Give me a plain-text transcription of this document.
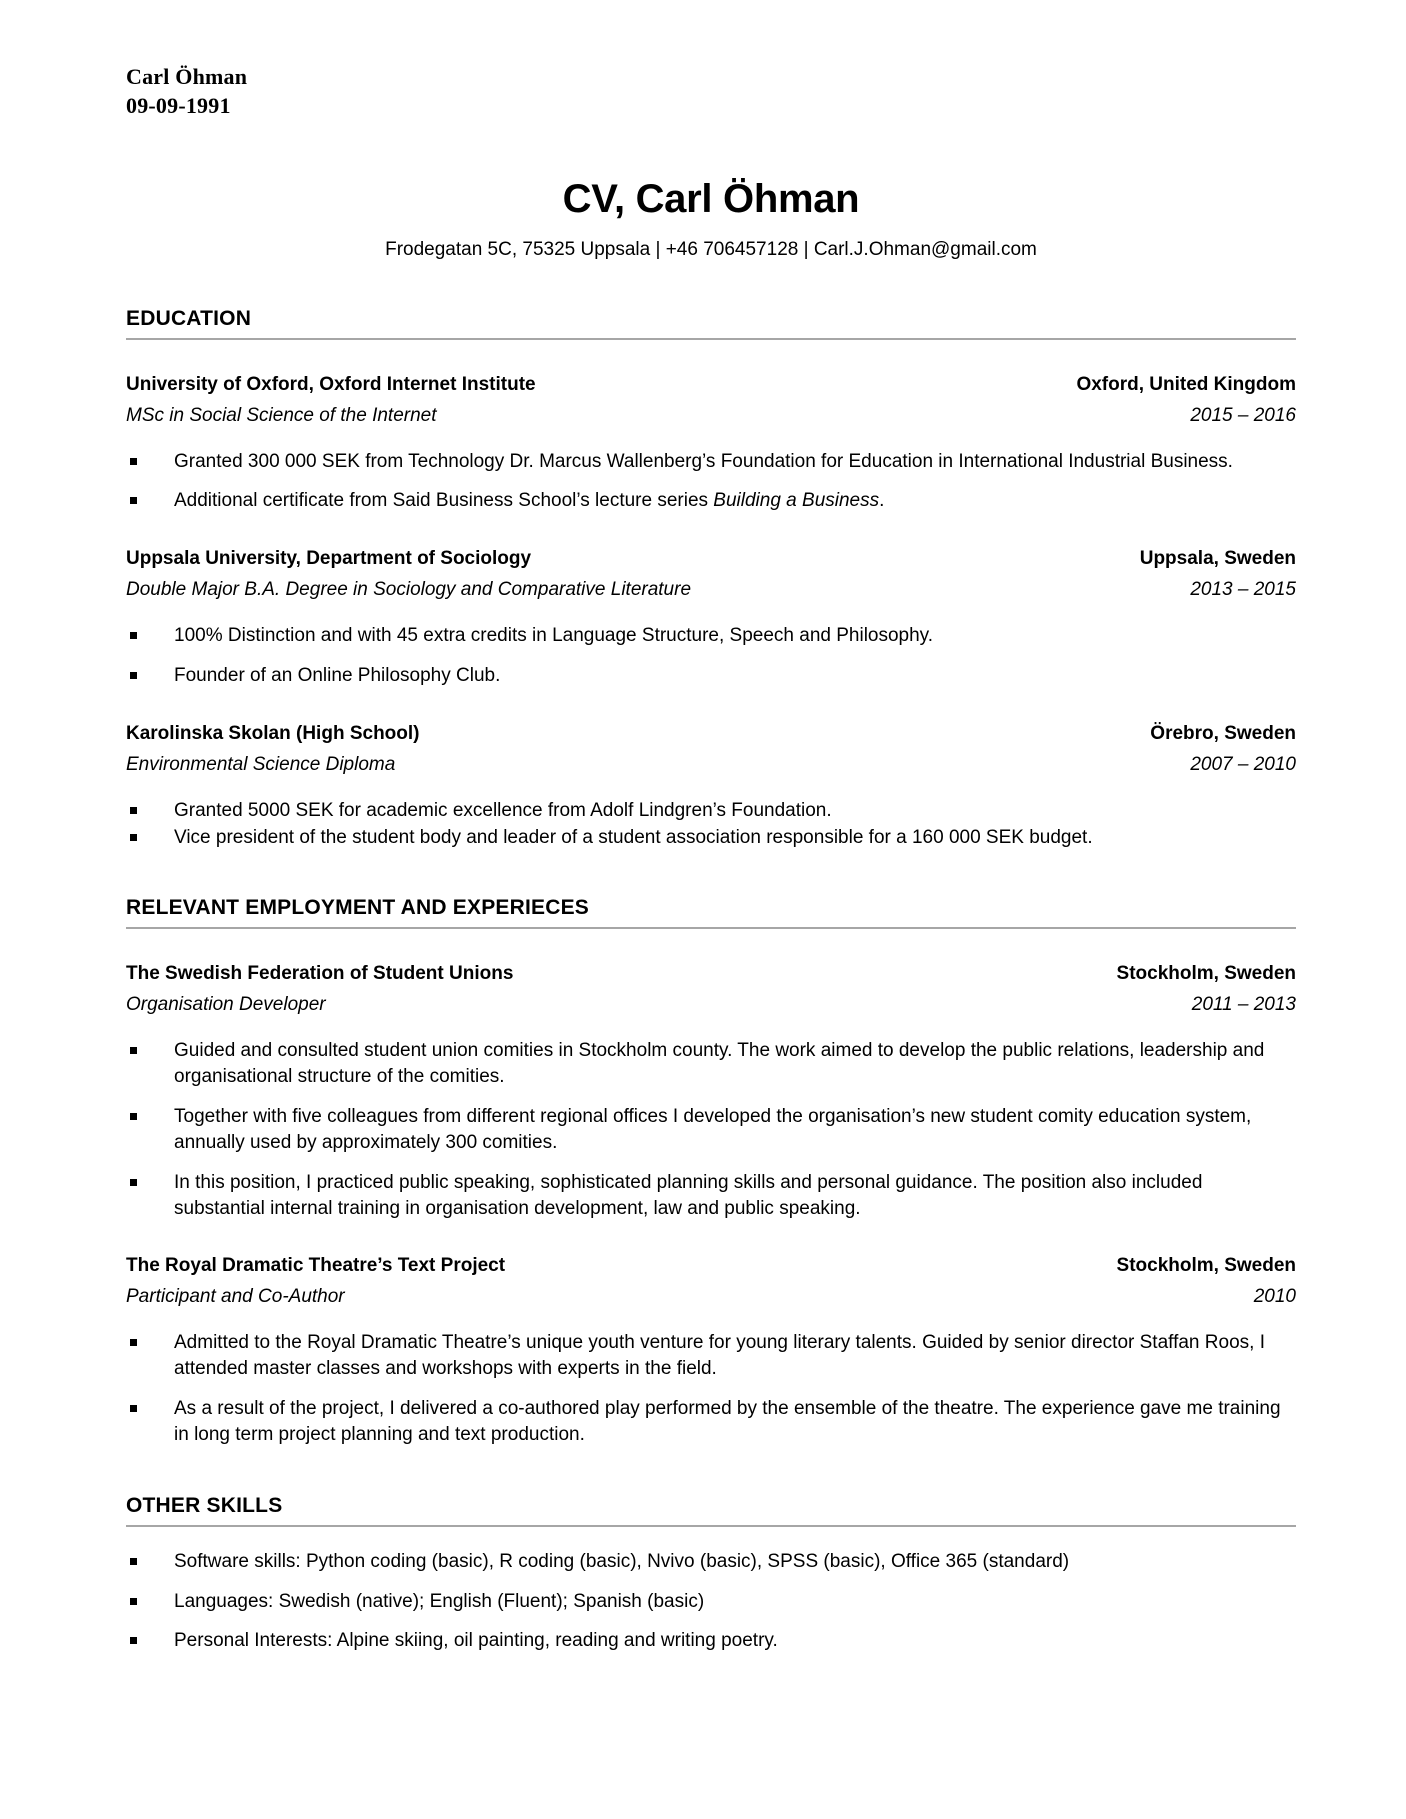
Carl Öhman
09-09-1991
CV, Carl Öhman
Frodegatan 5C, 75325 Uppsala | +46 706457128 | Carl.J.Ohman@gmail.com
EDUCATION
University of Oxford, Oxford Internet Institute	Oxford, United Kingdom
MSc in Social Science of the Internet	2015 – 2016
Granted 300 000 SEK from Technology Dr. Marcus Wallenberg’s Foundation for Education in International Industrial Business.
Additional certificate from Said Business School’s lecture series Building a Business.
Uppsala University, Department of Sociology	Uppsala, Sweden
Double Major B.A. Degree in Sociology and Comparative Literature	2013 – 2015
100% Distinction and with 45 extra credits in Language Structure, Speech and Philosophy.
Founder of an Online Philosophy Club.
Karolinska Skolan (High School)	Örebro, Sweden
Environmental Science Diploma	2007 – 2010
Granted 5000 SEK for academic excellence from Adolf Lindgren’s Foundation.
Vice president of the student body and leader of a student association responsible for a 160 000 SEK budget.
RELEVANT EMPLOYMENT AND EXPERIECES
The Swedish Federation of Student Unions	Stockholm, Sweden
Organisation Developer	2011 – 2013
Guided and consulted student union comities in Stockholm county. The work aimed to develop the public relations, leadership and organisational structure of the comities.
Together with five colleagues from different regional offices I developed the organisation’s new student comity education system, annually used by approximately 300 comities.
In this position, I practiced public speaking, sophisticated planning skills and personal guidance. The position also included substantial internal training in organisation development, law and public speaking.
The Royal Dramatic Theatre’s Text Project	Stockholm, Sweden
Participant and Co-Author	2010
Admitted to the Royal Dramatic Theatre’s unique youth venture for young literary talents. Guided by senior director Staffan Roos, I attended master classes and workshops with experts in the field.
As a result of the project, I delivered a co-authored play performed by the ensemble of the theatre. The experience gave me training in long term project planning and text production.
OTHER SKILLS
Software skills: Python coding (basic), R coding (basic), Nvivo (basic), SPSS (basic), Office 365 (standard)
Languages: Swedish (native); English (Fluent); Spanish (basic)
Personal Interests: Alpine skiing, oil painting, reading and writing poetry.
